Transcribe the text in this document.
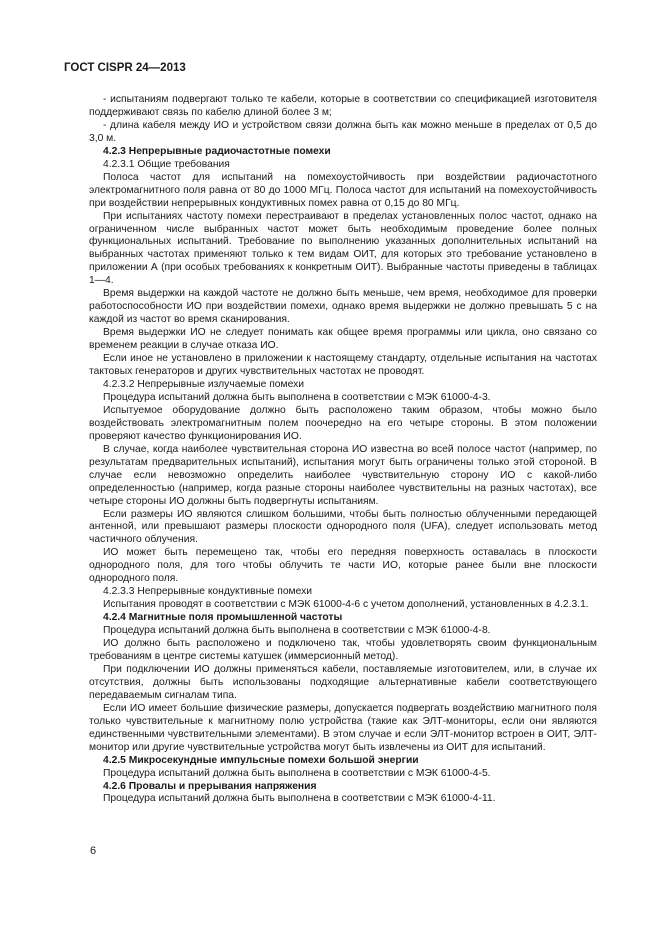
ГОСТ CISPR 24—2013

- испытаниям подвергают только те кабели, которые в соответствии со спецификацией изготовителя поддерживают связь по кабелю длиной более 3 м;

- длина кабеля между ИО и устройством связи должна быть как можно меньше в пределах от 0,5 до 3,0 м.

4.2.3 Непрерывные радиочастотные помехи

4.2.3.1 Общие требования

Полоса частот для испытаний на помехоустойчивость при воздействии радиочастотного электромагнитного поля равна от 80 до 1000 МГц. Полоса частот для испытаний на помехоустойчивость при воздействии непрерывных кондуктивных помех равна от 0,15 до 80 МГц.

При испытаниях частоту помехи перестраивают в пределах установленных полос частот, однако на ограниченном числе выбранных частот может быть необходимым проведение более полных функциональных испытаний. Требование по выполнению указанных дополнительных испытаний на выбранных частотах применяют только к тем видам ОИТ, для которых это требование установлено в приложении А (при особых требованиях к конкретным ОИТ). Выбранные частоты приведены в таблицах 1—4.

Время выдержки на каждой частоте не должно быть меньше, чем время, необходимое для проверки работоспособности ИО при воздействии помехи, однако время выдержки не должно превышать 5 с на каждой из частот во время сканирования.

Время выдержки ИО не следует понимать как общее время программы или цикла, оно связано со временем реакции в случае отказа ИО.

Если иное не установлено в приложении к настоящему стандарту, отдельные испытания на частотах тактовых генераторов и других чувствительных частотах не проводят.

4.2.3.2 Непрерывные излучаемые помехи

Процедура испытаний должна быть выполнена в соответствии с МЭК 61000-4-3.

Испытуемое оборудование должно быть расположено таким образом, чтобы можно было воздействовать электромагнитным полем поочередно на его четыре стороны. В этом положении проверяют качество функционирования ИО.

В случае, когда наиболее чувствительная сторона ИО известна во всей полосе частот (например, по результатам предварительных испытаний), испытания могут быть ограничены только этой стороной. В случае если невозможно определить наиболее чувствительную сторону ИО с какой-либо определенностью (например, когда разные стороны наиболее чувствительны на разных частотах), все четыре стороны ИО должны быть подвергнуты испытаниям.

Если размеры ИО являются слишком большими, чтобы быть полностью облученными передающей антенной, или превышают размеры плоскости однородного поля (UFA), следует использовать метод частичного облучения.

ИО может быть перемещено так, чтобы его передняя поверхность оставалась в плоскости однородного поля, для того чтобы облучить те части ИО, которые ранее были вне плоскости однородного поля.

4.2.3.3 Непрерывные кондуктивные помехи

Испытания проводят в соответствии с МЭК 61000-4-6 с учетом дополнений, установленных в 4.2.3.1.

4.2.4 Магнитные поля промышленной частоты

Процедура испытаний должна быть выполнена в соответствии с МЭК 61000-4-8.

ИО должно быть расположено и подключено так, чтобы удовлетворять своим функциональным требованиям в центре системы катушек (иммерсионный метод).

При подключении ИО должны применяться кабели, поставляемые изготовителем, или, в случае их отсутствия, должны быть использованы подходящие альтернативные кабели соответствующего передаваемым сигналам типа.

Если ИО имеет большие физические размеры, допускается подвергать воздействию магнитного поля только чувствительные к магнитному полю устройства (такие как ЭЛТ-мониторы, если они являются единственными чувствительными элементами). В этом случае и если ЭЛТ-монитор встроен в ОИТ, ЭЛТ-монитор или другие чувствительные устройства могут быть извлечены из ОИТ для испытаний.

4.2.5 Микросекундные импульсные помехи большой энергии

Процедура испытаний должна быть выполнена в соответствии с МЭК 61000-4-5.

4.2.6 Провалы и прерывания напряжения

Процедура испытаний должна быть выполнена в соответствии с МЭК 61000-4-11.

6
